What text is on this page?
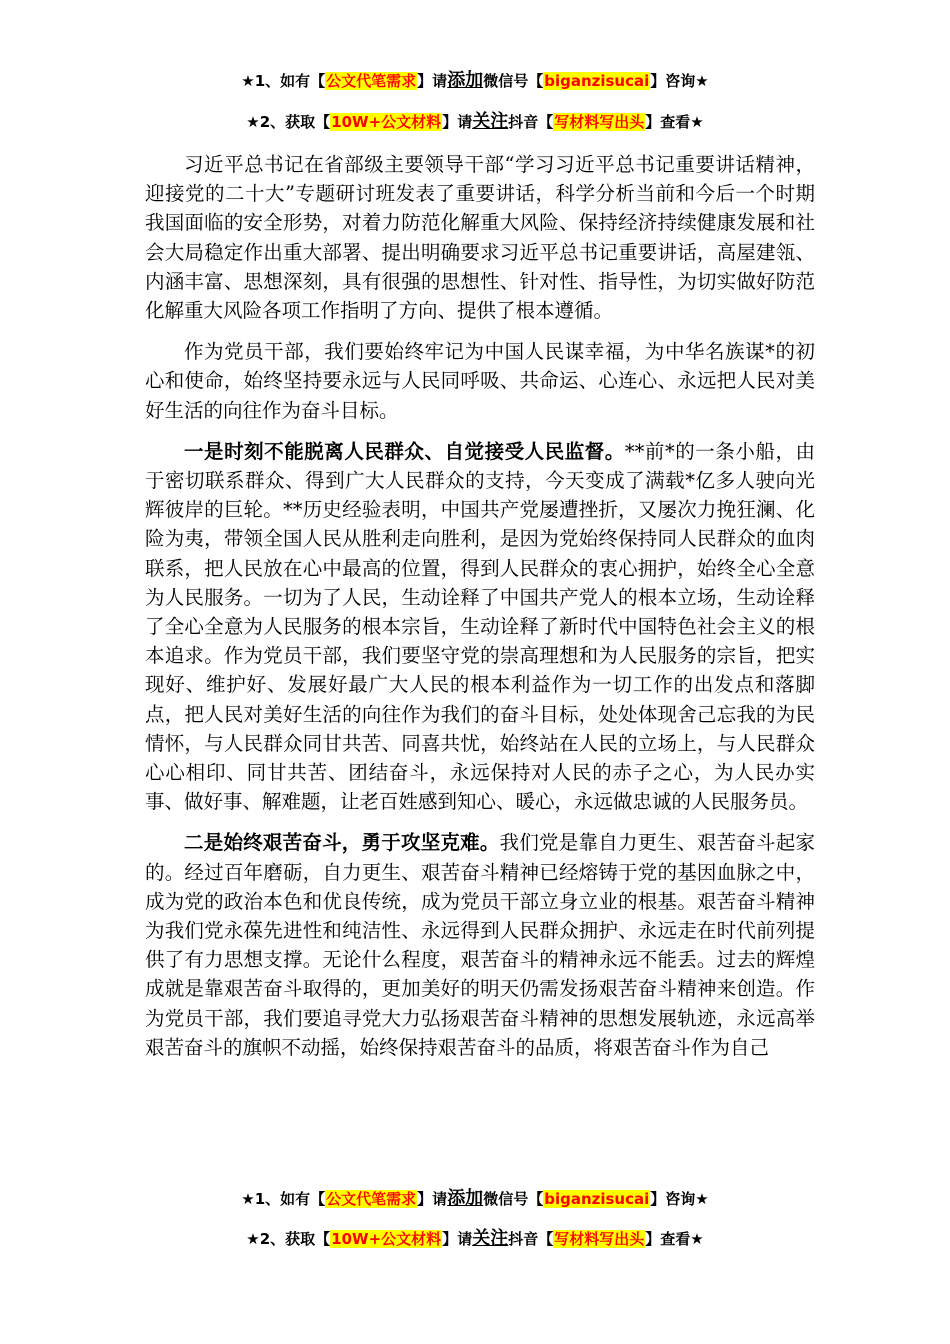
★1、如有【公文代笔需求】请添加微信号【biganzisucai】咨询★
★2、获取【10W+公文材料】请关注抖音【写材料写出头】查看★

习近平总书记在省部级主要领导干部“学习习近平总书记重要讲话精神，迎接党的二十大”专题研讨班发表了重要讲话，科学分析当前和今后一个时期我国面临的安全形势，对着力防范化解重大风险、保持经济持续健康发展和社会大局稳定作出重大部署、提出明确要求习近平总书记重要讲话，高屋建瓴、内涵丰富、思想深刻，具有很强的思想性、针对性、指导性，为切实做好防范化解重大风险各项工作指明了方向、提供了根本遵循。

作为党员干部，我们要始终牢记为中国人民谋幸福，为中华名族谋*的初心和使命，始终坚持要永远与人民同呼吸、共命运、心连心、永远把人民对美好生活的向往作为奋斗目标。

一是时刻不能脱离人民群众、自觉接受人民监督。**前*的一条小船，由于密切联系群众、得到广大人民群众的支持，今天变成了满载*亿多人驶向光辉彼岸的巨轮。**历史经验表明，中国共产党屡遭挫折，又屡次力挽狂澜、化险为夷，带领全国人民从胜利走向胜利，是因为党始终保持同人民群众的血肉联系，把人民放在心中最高的位置，得到人民群众的衷心拥护，始终全心全意为人民服务。一切为了人民，生动诠释了中国共产党人的根本立场，生动诠释了全心全意为人民服务的根本宗旨，生动诠释了新时代中国特色社会主义的根本追求。作为党员干部，我们要坚守党的崇高理想和为人民服务的宗旨，把实现好、维护好、发展好最广大人民的根本利益作为一切工作的出发点和落脚点，把人民对美好生活的向往作为我们的奋斗目标，处处体现舍己忘我的为民情怀，与人民群众同甘共苦、同喜共忧，始终站在人民的立场上，与人民群众心心相印、同甘共苦、团结奋斗，永远保持对人民的赤子之心，为人民办实事、做好事、解难题，让老百姓感到知心、暖心，永远做忠诚的人民服务员。

二是始终艰苦奋斗，勇于攻坚克难。我们党是靠自力更生、艰苦奋斗起家的。经过百年磨砺，自力更生、艰苦奋斗精神已经熔铸于党的基因血脉之中，成为党的政治本色和优良传统，成为党员干部立身立业的根基。艰苦奋斗精神为我们党永葆先进性和纯洁性、永远得到人民群众拥护、永远走在时代前列提供了有力思想支撑。无论什么程度，艰苦奋斗的精神永远不能丢。过去的辉煌成就是靠艰苦奋斗取得的，更加美好的明天仍需发扬艰苦奋斗精神来创造。作为党员干部，我们要追寻党大力弘扬艰苦奋斗精神的思想发展轨迹，永远高举艰苦奋斗的旗帜不动摇，始终保持艰苦奋斗的品质，将艰苦奋斗作为自己

★1、如有【公文代笔需求】请添加微信号【biganzisucai】咨询★
★2、获取【10W+公文材料】请关注抖音【写材料写出头】查看★
